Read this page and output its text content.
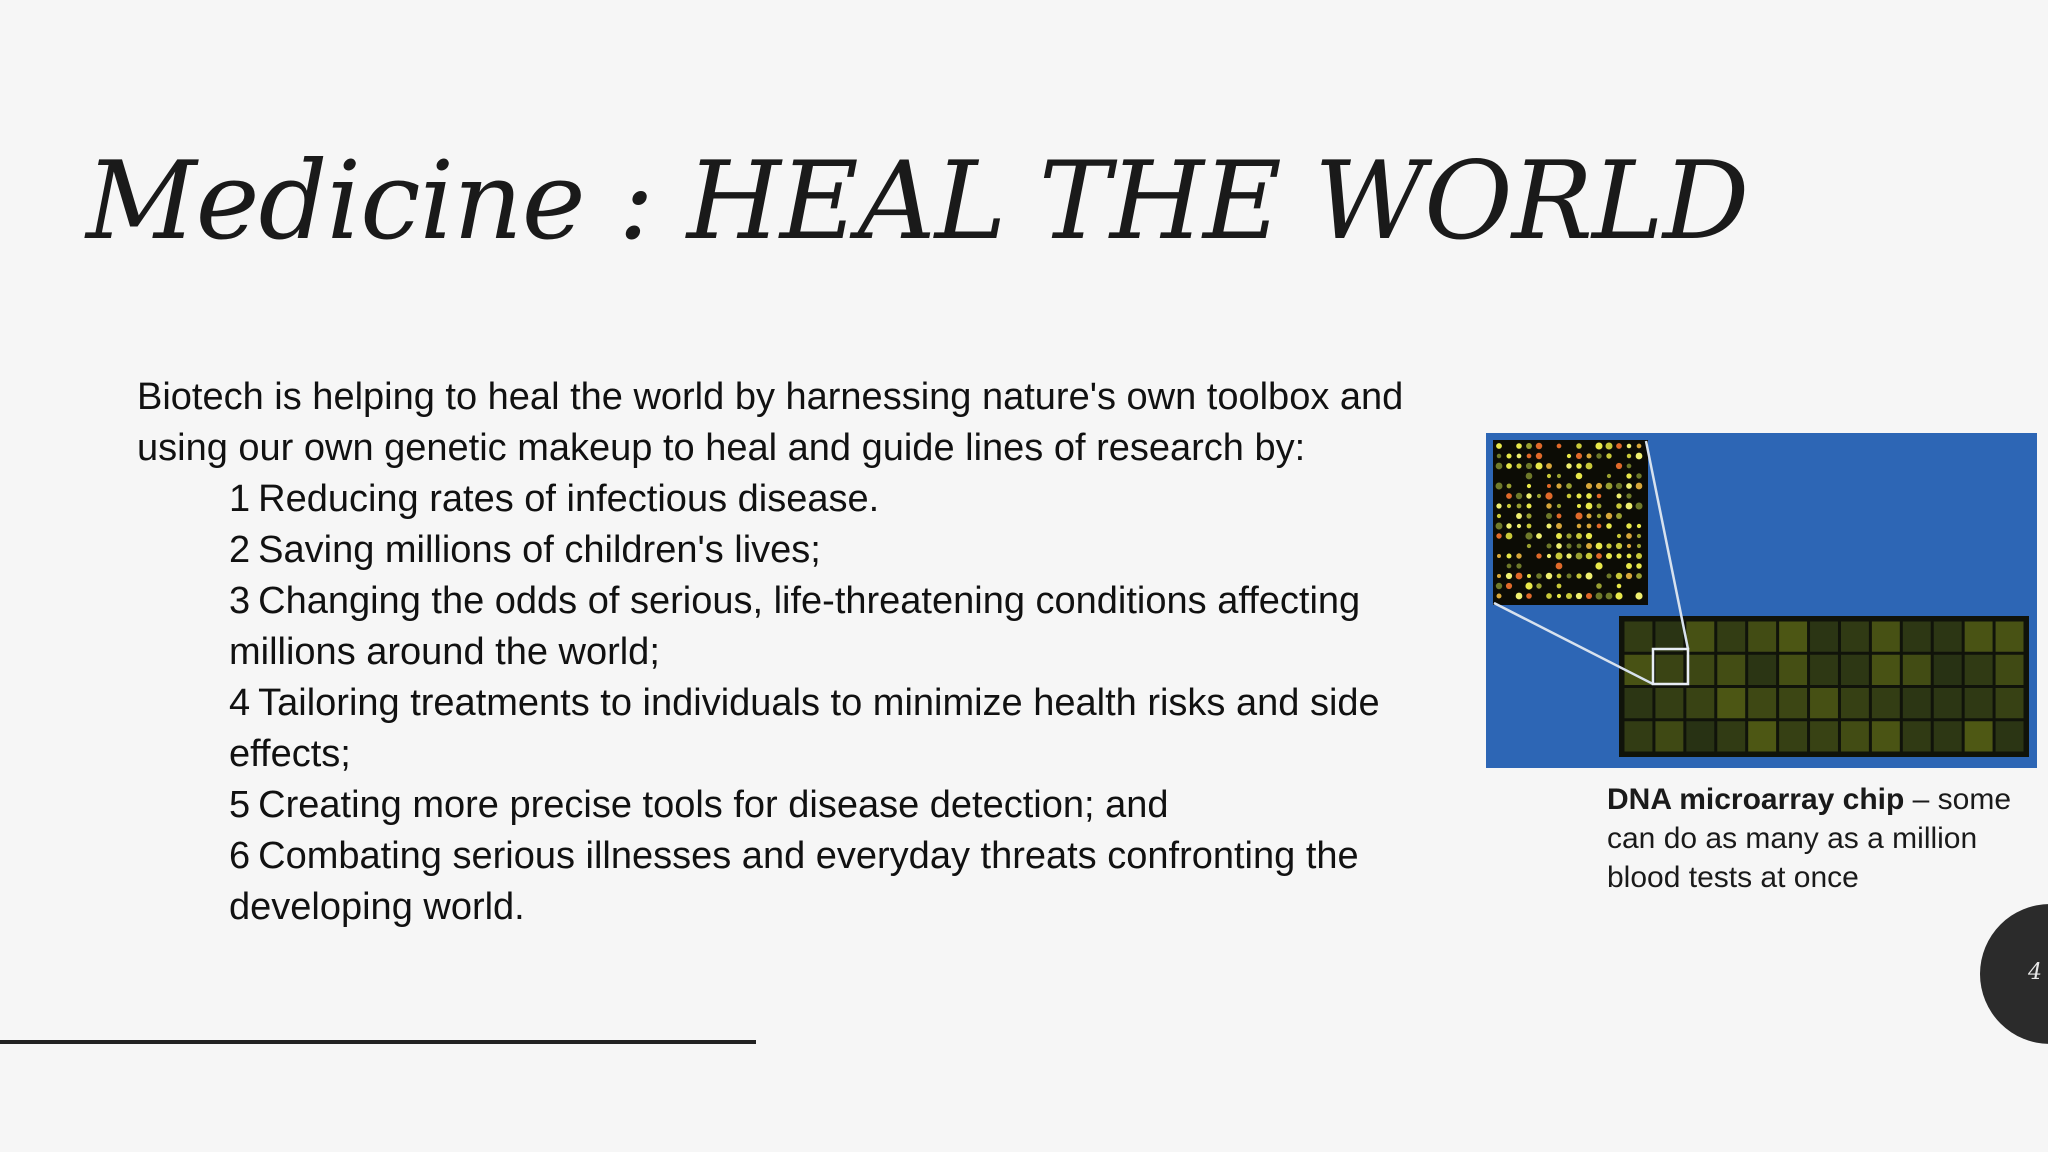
Medicine : HEAL THE WORLD

Biotech is helping to heal the world by harnessing nature's own toolbox and using our own genetic makeup to heal and guide lines of research by:

1 Reducing rates of infectious disease.
2 Saving millions of children's lives;
3 Changing the odds of serious, life-threatening conditions affecting millions around the world;
4 Tailoring treatments to individuals to minimize health risks and side effects;
5 Creating more precise tools for disease detection; and
6 Combating serious illnesses and everyday threats confronting the developing world.
DNA microarray chip – some can do as many as a million blood tests at once
4
